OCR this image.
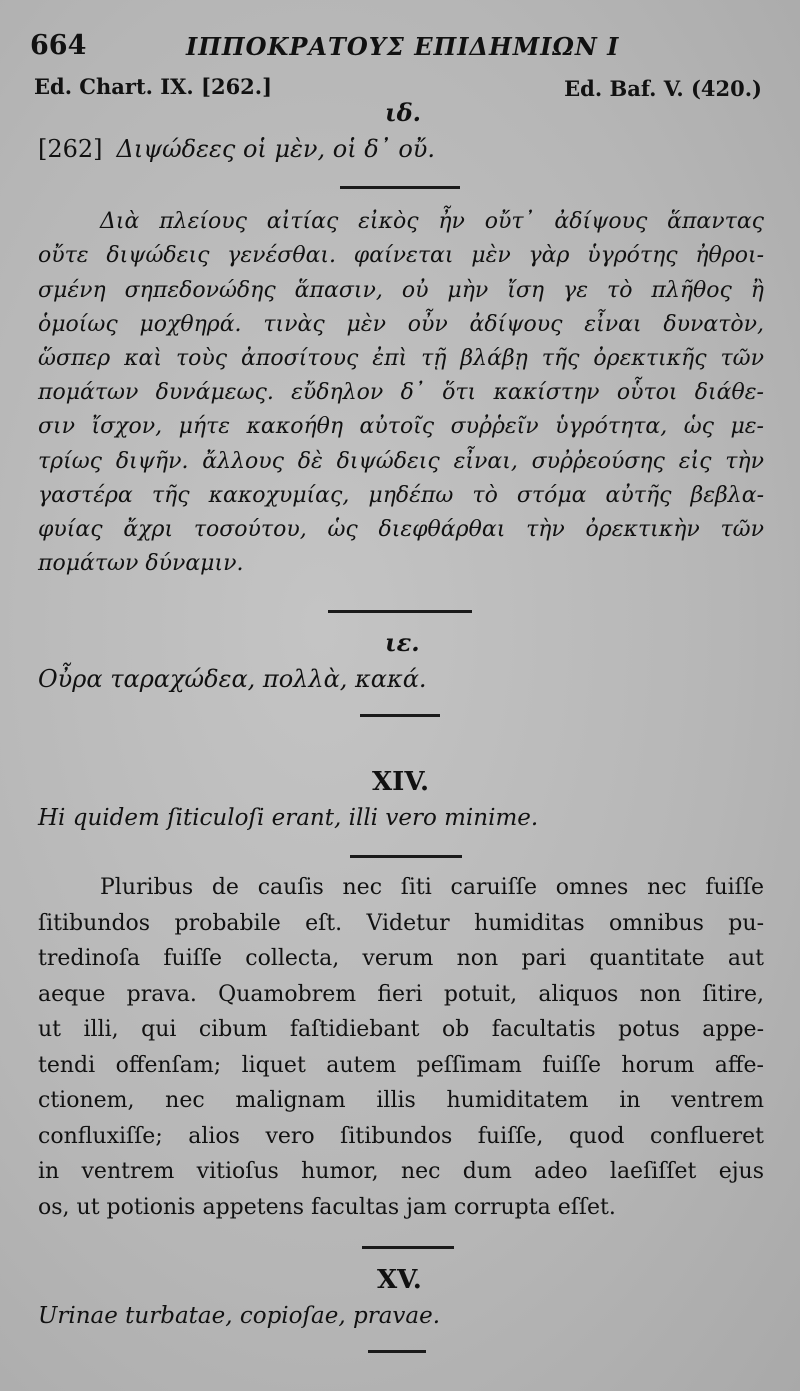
664	ΙΠΠΟΚΡΑΤΟΥΣ ΕΠΙΔΗΜΙΩΝ Ι
Ed. Chart. IX. [262.]	Ed. Baf. V. (420.)
ιδ.
[262] Διψώδεες οἱ μὲν, οἱ δ᾽ οὔ.
Διὰ πλείους αἰτίας εἰκὸς ἦν οὔτ᾽ ἀδίψους ἅπαντας
οὔτε διψώδεις γενέσθαι. φαίνεται μὲν γὰρ ὑγρότης ἠθροι-
σμένη σηπεδονώδης ἅπασιν, οὐ μὴν ἴση γε τὸ πλῆθος ἢ
ὁμοίως μοχθηρά. τινὰς μὲν οὖν ἀδίψους εἶναι δυνατὸν,
ὥσπερ καὶ τοὺς ἀποσίτους ἐπὶ τῇ βλάβῃ τῆς ὀρεκτικῆς τῶν
πομάτων δυνάμεως. εὔδηλον δ᾽ ὅτι κακίστην οὗτοι διάθε-
σιν ἴσχον, μήτε κακοήθη αὐτοῖς συῤῥεῖν ὑγρότητα, ὡς με-
τρίως διψῆν. ἄλλους δὲ διψώδεις εἶναι, συῤῥεούσης εἰς τὴν
γαστέρα τῆς κακοχυμίας, μηδέπω τὸ στόμα αὐτῆς βεβλα-
φυίας ἄχρι τοσούτου, ὡς διεφθάρθαι τὴν ὀρεκτικὴν τῶν
πομάτων δύναμιν.
ιε.
Οὖρα ταραχώδεα, πολλὰ, κακά.
XIV.
Hi quidem ſiticuloſi erant, illi vero minime.
Pluribus de cauſis nec ſiti caruiſſe omnes nec fuiſſe
ſitibundos probabile eſt. Videtur humiditas omnibus pu-
tredinoſa fuiſſe collecta, verum non pari quantitate aut
aeque prava. Quamobrem fieri potuit, aliquos non ſitire,
ut illi, qui cibum faſtidiebant ob facultatis potus appe-
tendi offenſam; liquet autem peſſimam fuiſſe horum affe-
ctionem, nec malignam illis humiditatem in ventrem
confluxiſſe; alios vero ſitibundos fuiſſe, quod conflueret
in ventrem vitioſus humor, nec dum adeo laeſiſſet ejus
os, ut potionis appetens facultas jam corrupta eſſet.
XV.
Urinae turbatae, copioſae, pravae.
